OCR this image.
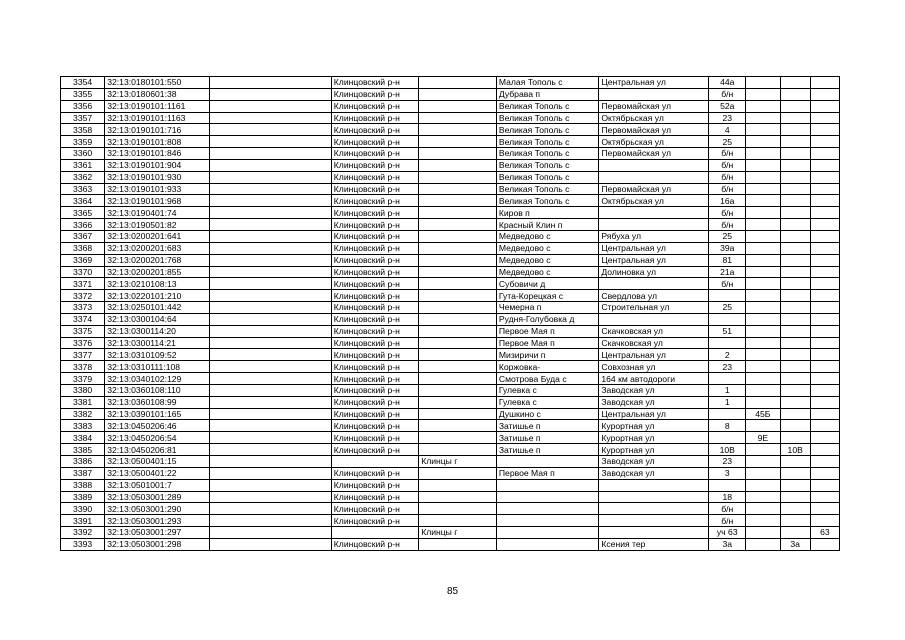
3354	32:13:0180101:550		Клинцовский р-н		Малая Тополь с	Центральная ул	44а			
3355	32:13:0180601:38		Клинцовский р-н		Дубрава п		б/н			
3356	32:13:0190101:1161		Клинцовский р-н		Великая Тополь с	Первомайская ул	52а			
3357	32:13:0190101:1163		Клинцовский р-н		Великая Тополь с	Октябрьская ул	23			
3358	32:13:0190101:716		Клинцовский р-н		Великая Тополь с	Первомайская ул	4			
3359	32:13:0190101:808		Клинцовский р-н		Великая Тополь с	Октябрьская ул	25			
3360	32:13:0190101:846		Клинцовский р-н		Великая Тополь с	Первомайская ул	б/н			
3361	32:13:0190101:904		Клинцовский р-н		Великая Тополь с		б/н			
3362	32:13:0190101:930		Клинцовский р-н		Великая Тополь с		б/н			
3363	32:13:0190101:933		Клинцовский р-н		Великая Тополь с	Первомайская ул	б/н			
3364	32:13:0190101:968		Клинцовский р-н		Великая Тополь с	Октябрьская ул	16а			
3365	32:13:0190401:74		Клинцовский р-н		Киров п		б/н			
3366	32:13:0190501:82		Клинцовский р-н		Красный Клин п		б/н			
3367	32:13:0200201:641		Клинцовский р-н		Медведово с	Рябуха ул	25			
3368	32:13:0200201:683		Клинцовский р-н		Медведово с	Центральная ул	39а			
3369	32:13:0200201:768		Клинцовский р-н		Медведово с	Центральная ул	81			
3370	32:13:0200201:855		Клинцовский р-н		Медведово с	Долиновка ул	21а			
3371	32:13:0210108:13		Клинцовский р-н		Субовичи д		б/н			
3372	32:13:0220101:210		Клинцовский р-н		Гута-Корецкая с	Свердлова ул				
3373	32:13:0250101:442		Клинцовский р-н		Чемерна п	Строительная ул	25			
3374	32:13:0300104:64		Клинцовский р-н		Рудня-Голубовка д					
3375	32:13:0300114:20		Клинцовский р-н		Первое Мая п	Скачковская ул	51			
3376	32:13:0300114:21		Клинцовский р-н		Первое Мая п	Скачковская ул				
3377	32:13:0310109:52		Клинцовский р-н		Мизиричи п	Центральная ул	2			
3378	32:13:0310111:108		Клинцовский р-н		Коржовка-	Совхозная ул	23			
3379	32:13:0340102:129		Клинцовский р-н		Смотрова Буда с	164 км автодороги				
3380	32:13:0360108:110		Клинцовский р-н		Гулевка с	Заводская ул	1			
3381	32:13:0360108:99		Клинцовский р-н		Гулевка с	Заводская ул	1			
3382	32:13:0390101:165		Клинцовский р-н		Душкино с	Центральная ул		45Б		
3383	32:13:0450206:46		Клинцовский р-н		Затишье п	Курортная ул	8			
3384	32:13:0450206:54		Клинцовский р-н		Затишье п	Курортная ул		9Е		
3385	32:13:0450206:81		Клинцовский р-н		Затишье п	Курортная ул	10В		10В	
3386	32:13:0500401:15			Клинцы г		Заводская ул	23			
3387	32:13:0500401:22		Клинцовский р-н		Первое Мая п	Заводская ул	3			
3388	32:13:0501001:7		Клинцовский р-н							
3389	32:13:0503001:289		Клинцовский р-н				18			
3390	32:13:0503001:290		Клинцовский р-н				б/н			
3391	32:13:0503001:293		Клинцовский р-н				б/н			
3392	32:13:0503001:297			Клинцы г			уч 63			63
3393	32:13:0503001:298		Клинцовский р-н			Ксения тер	3а		3а	
85
